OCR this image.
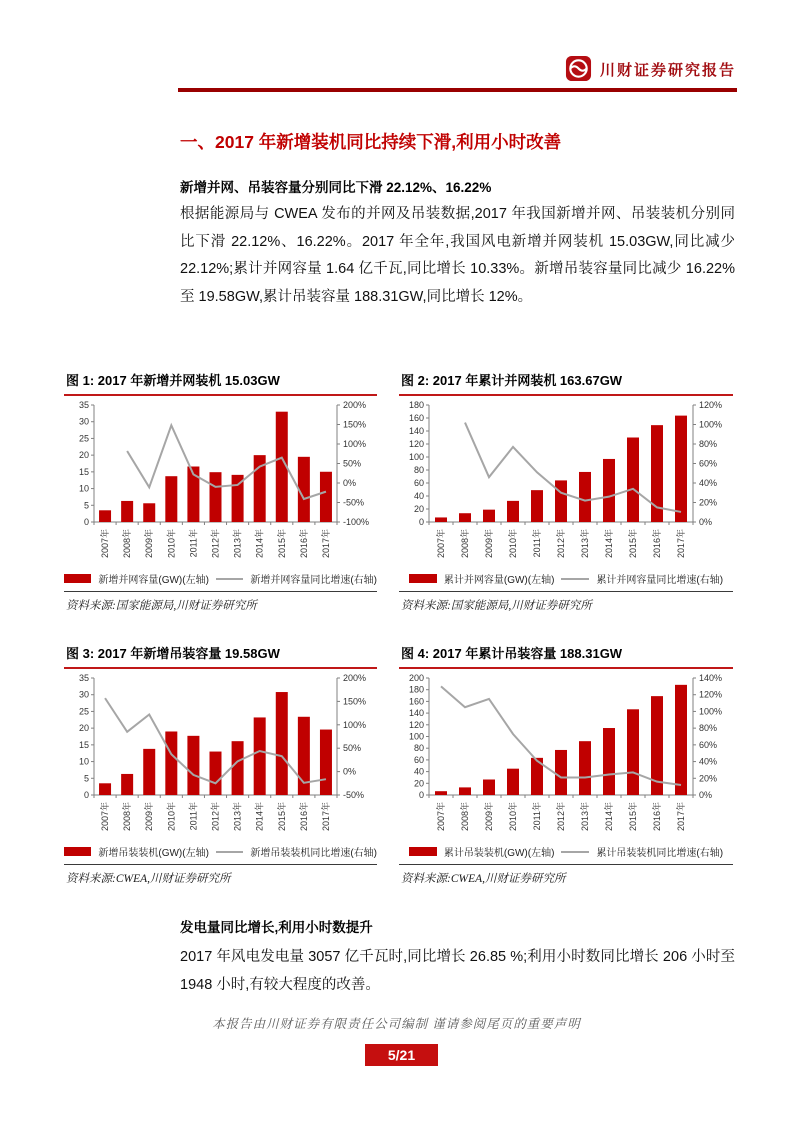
川财证券研究报告
一、2017 年新增装机同比持续下滑,利用小时改善
新增并网、吊装容量分别同比下滑 22.12%、16.22%
根据能源局与 CWEA 发布的并网及吊装数据,2017 年我国新增并网、吊装装机分别同比下滑 22.12%、16.22%。2017 年全年,我国风电新增并网装机 15.03GW,同比减少 22.12%;累计并网容量 1.64 亿千瓦,同比增长 10.33%。新增吊装容量同比减少 16.22%至 19.58GW,累计吊装容量 188.31GW,同比增长 12%。
图 1: 2017 年新增并网装机 15.03GW
0
5
10
15
20
25
30
35
-100%
-50%
0%
50%
100%
150%
200%
2007年 2008年 2009年 2010年 2011年 2012年 2013年 2014年 2015年 2016年 2017年
新增并网容量(GW)(左轴)	新增并网容量同比增速(右轴)
资料来源:国家能源局,川财证券研究所
图 2: 2017 年累计并网装机 163.67GW
0
20
40
60
80
100
120
140
160
180
0%
20%
40%
60%
80%
100%
120%
2007年 2008年 2009年 2010年 2011年 2012年 2013年 2014年 2015年 2016年 2017年
累计并网容量(GW)(左轴)	累计并网容量同比增速(右轴)
资料来源:国家能源局,川财证券研究所
图 3: 2017 年新增吊装容量 19.58GW
0
5
10
15
20
25
30
35
-50%
0%
50%
100%
150%
200%
2007年 2008年 2009年 2010年 2011年 2012年 2013年 2014年 2015年 2016年 2017年
新增吊装装机(GW)(左轴)	新增吊装装机同比增速(右轴)
资料来源:CWEA,川财证券研究所
图 4: 2017 年累计吊装容量 188.31GW
0
20
40
60
80
100
120
140
160
180
200
0%
20%
40%
60%
80%
100%
120%
140%
2007年 2008年 2009年 2010年 2011年 2012年 2013年 2014年 2015年 2016年 2017年
累计吊装装机(GW)(左轴)	累计吊装装机同比增速(右轴)
资料来源:CWEA,川财证券研究所
发电量同比增长,利用小时数提升
2017 年风电发电量 3057 亿千瓦时,同比增长 26.85 %;利用小时数同比增长 206 小时至 1948 小时,有较大程度的改善。
本报告由川财证券有限责任公司编制 谨请参阅尾页的重要声明
5/21
